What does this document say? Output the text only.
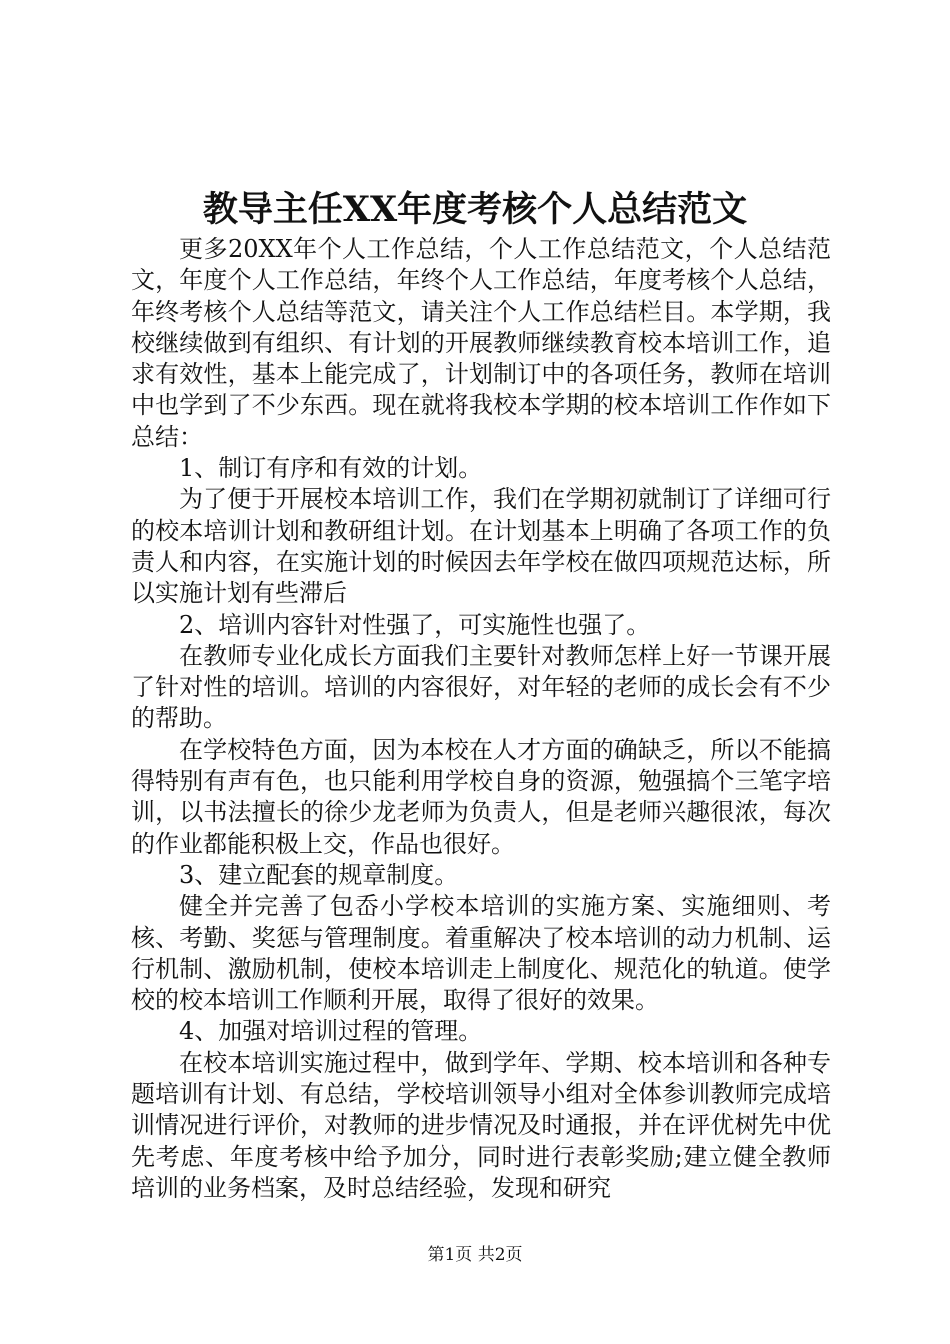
教导主任XX年度考核个人总结范文

更多20XX年个人工作总结，个人工作总结范文，个人总结范文，年度个人工作总结，年终个人工作总结，年度考核个人总结，年终考核个人总结等范文，请关注个人工作总结栏目。本学期，我校继续做到有组织、有计划的开展教师继续教育校本培训工作，追求有效性，基本上能完成了，计划制订中的各项任务，教师在培训中也学到了不少东西。现在就将我校本学期的校本培训工作作如下总结：

1、制订有序和有效的计划。

为了便于开展校本培训工作，我们在学期初就制订了详细可行的校本培训计划和教研组计划。在计划基本上明确了各项工作的负责人和内容，在实施计划的时候因去年学校在做四项规范达标，所以实施计划有些滞后

2、培训内容针对性强了，可实施性也强了。

在教师专业化成长方面我们主要针对教师怎样上好一节课开展了针对性的培训。培训的内容很好，对年轻的老师的成长会有不少的帮助。

在学校特色方面，因为本校在人才方面的确缺乏，所以不能搞得特别有声有色，也只能利用学校自身的资源，勉强搞个三笔字培训，以书法擅长的徐少龙老师为负责人，但是老师兴趣很浓，每次的作业都能积极上交，作品也很好。

3、建立配套的规章制度。

健全并完善了包岙小学校本培训的实施方案、实施细则、考核、考勤、奖惩与管理制度。着重解决了校本培训的动力机制、运行机制、激励机制，使校本培训走上制度化、规范化的轨道。使学校的校本培训工作顺利开展，取得了很好的效果。

4、加强对培训过程的管理。

在校本培训实施过程中，做到学年、学期、校本培训和各种专题培训有计划、有总结，学校培训领导小组对全体参训教师完成培训情况进行评价，对教师的进步情况及时通报，并在评优树先中优先考虑、年度考核中给予加分，同时进行表彰奖励;建立健全教师培训的业务档案，及时总结经验，发现和研究

第1页 共2页
